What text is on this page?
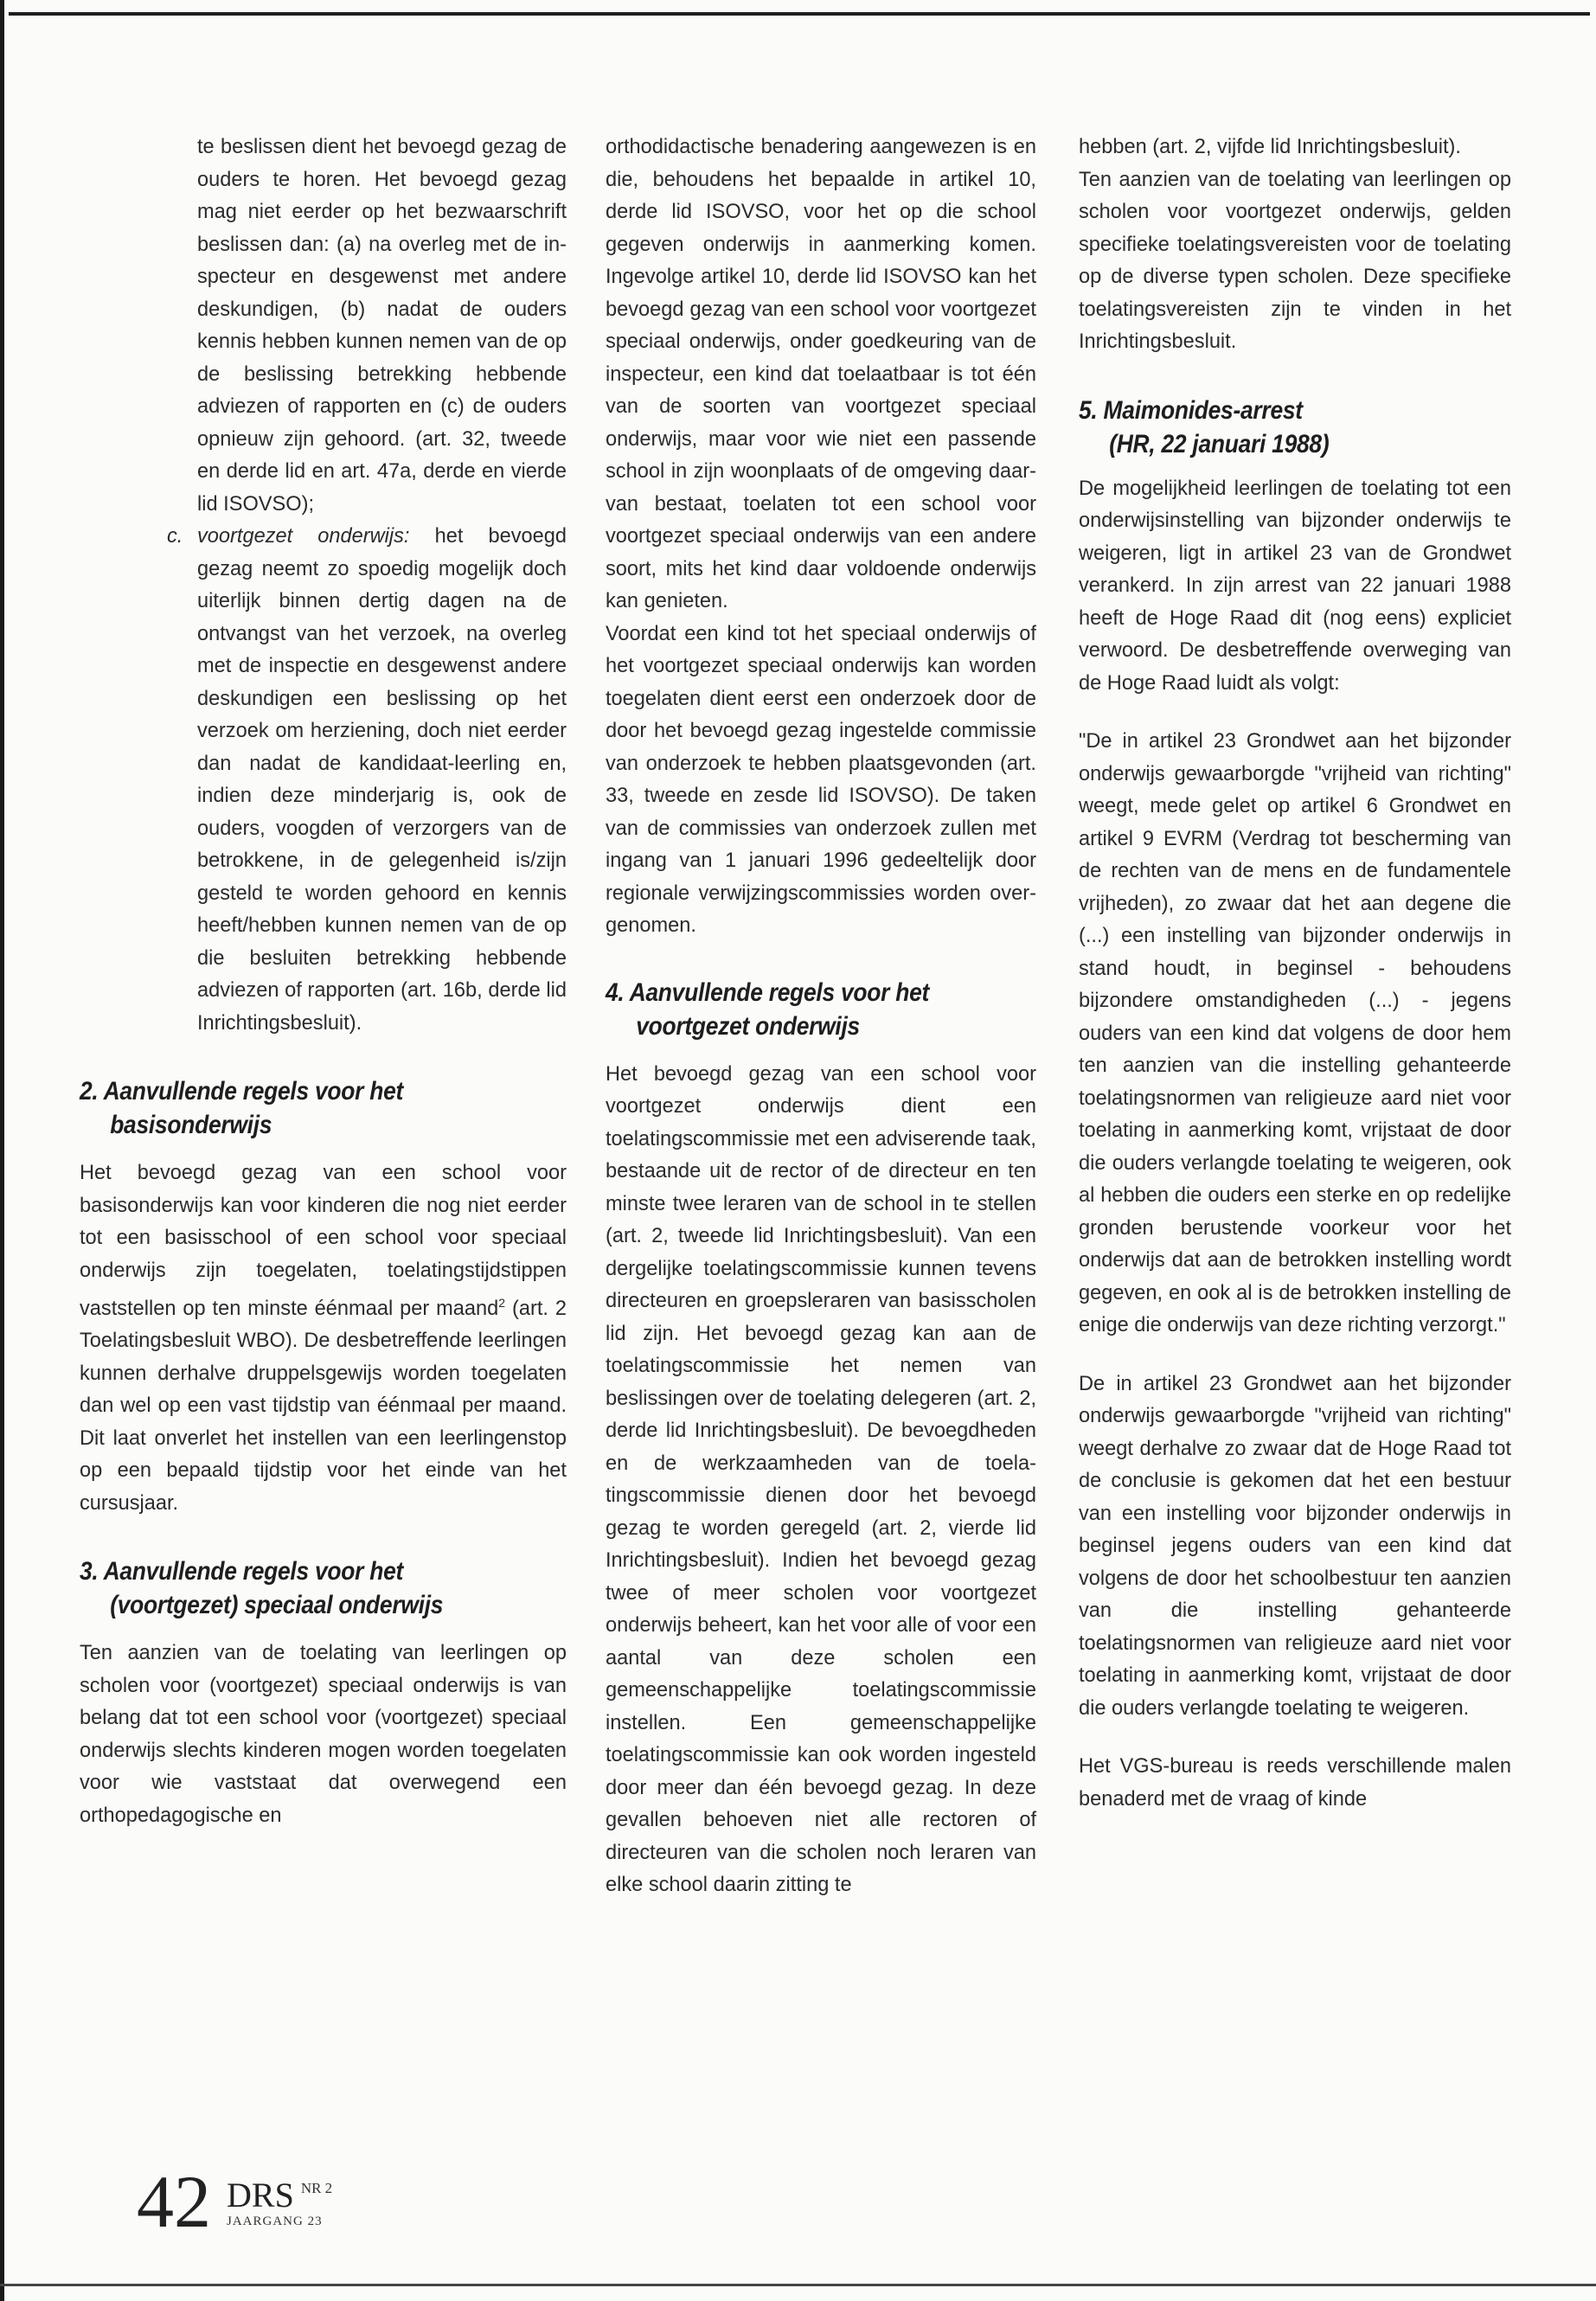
te beslissen dient het bevoegd gezag de ouders te horen. Het bevoegd gezag mag niet eerder op het bezwaarschrift beslissen dan: (a) na overleg met de inspecteur en desgewenst met andere deskundigen, (b) nadat de ouders kennis hebben kunnen nemen van de op de beslissing betrekking hebbende adviezen of rapporten en (c) de ouders opnieuw zijn gehoord. (art. 32, tweede en derde lid en art. 47a, derde en vierde lid ISOVSO);

c. voortgezet onderwijs: het bevoegd gezag neemt zo spoedig mogelijk doch uiterlijk binnen dertig dagen na de ontvangst van het verzoek, na overleg met de inspectie en desgewenst andere deskundigen een beslissing op het verzoek om herziening, doch niet eerder dan nadat de kandidaat-leerling en, indien deze minderjarig is, ook de ouders, voogden of verzorgers van de betrokkene, in de gelegenheid is/zijn gesteld te worden gehoord en kennis heeft/hebben kunnen nemen van de op die besluiten betrekking hebbende adviezen of rapporten (art. 16b, derde lid Inrichtingsbesluit).

2. Aanvullende regels voor het
basisonderwijs

Het bevoegd gezag van een school voor basisonderwijs kan voor kinderen die nog niet eerder tot een basisschool of een school voor speciaal onderwijs zijn toegelaten, toelatingstijdstippen vaststellen op ten minste éénmaal per maand$^2$ (art. 2 Toelatingsbesluit WBO). De desbetreffende leerlingen kunnen derhalve druppelsgewijs worden toegelaten dan wel op een vast tijdstip van éénmaal per maand. Dit laat onverlet het instellen van een leerlingenstop op een bepaald tijdstip voor het einde van het cursusjaar.

3. Aanvullende regels voor het
(voortgezet) speciaal onderwijs

Ten aanzien van de toelating van leerlingen op scholen voor (voortgezet) speciaal onderwijs is van belang dat tot een school voor (voortgezet) speciaal onderwijs slechts kinderen mogen worden toegelaten voor wie vaststaat dat overwegend een orthopedagogische en

orthodidactische benadering aangewezen is en die, behoudens het bepaalde in artikel 10, derde lid ISOVSO, voor het op die school gegeven onderwijs in aanmerking komen. Ingevolge artikel 10, derde lid ISOVSO kan het bevoegd gezag van een school voor voortgezet speciaal onderwijs, onder goedkeuring van de inspecteur, een kind dat toelaatbaar is tot één van de soorten van voortgezet speciaal onderwijs, maar voor wie niet een passende school in zijn woonplaats of de omgeving daarvan bestaat, toelaten tot een school voor voortgezet speciaal onderwijs van een andere soort, mits het kind daar voldoende onderwijs kan genieten.

Voordat een kind tot het speciaal onderwijs of het voortgezet speciaal onderwijs kan worden toegelaten dient eerst een onderzoek door de door het bevoegd gezag ingestelde commissie van onderzoek te hebben plaatsgevonden (art. 33, tweede en zesde lid ISOVSO). De taken van de commissies van onderzoek zullen met ingang van 1 januari 1996 gedeeltelijk door regionale verwijzingscommissies worden overgenomen.

4. Aanvullende regels voor het
voortgezet onderwijs

Het bevoegd gezag van een school voor voortgezet onderwijs dient een toelatingscommissie met een adviserende taak, bestaande uit de rector of de directeur en ten minste twee leraren van de school in te stellen (art. 2, tweede lid Inrichtingsbesluit). Van een dergelijke toelatingscommissie kunnen tevens directeuren en groepsleraren van basisscholen lid zijn. Het bevoegd gezag kan aan de toelatingscommissie het nemen van beslissingen over de toelating delegeren (art. 2, derde lid Inrichtingsbesluit). De bevoegdheden en de werkzaamheden van de toelatingscommissie dienen door het bevoegd gezag te worden geregeld (art. 2, vierde lid Inrichtingsbesluit). Indien het bevoegd gezag twee of meer scholen voor voortgezet onderwijs beheert, kan het voor alle of voor een aantal van deze scholen een gemeenschappelijke toelatingscommissie instellen. Een gemeenschappelijke toelatingscommissie kan ook worden ingesteld door meer dan één bevoegd gezag. In deze gevallen behoeven niet alle rectoren of directeuren van die scholen noch leraren van elke school daarin zitting te

hebben (art. 2, vijfde lid Inrichtingsbesluit).

Ten aanzien van de toelating van leerlingen op scholen voor voortgezet onderwijs, gelden specifieke toelatingsvereisten voor de toelating op de diverse typen scholen. Deze specifieke toelatingsvereisten zijn te vinden in het Inrichtingsbesluit.

5. Maimonides-arrest
(HR, 22 januari 1988)

De mogelijkheid leerlingen de toelating tot een onderwijsinstelling van bijzonder onderwijs te weigeren, ligt in artikel 23 van de Grondwet verankerd. In zijn arrest van 22 januari 1988 heeft de Hoge Raad dit (nog eens) expliciet verwoord. De desbetreffende overweging van de Hoge Raad luidt als volgt:

"De in artikel 23 Grondwet aan het bijzonder onderwijs gewaarborgde "vrijheid van richting" weegt, mede gelet op artikel 6 Grondwet en artikel 9 EVRM (Verdrag tot bescherming van de rechten van de mens en de fundamentele vrijheden), zo zwaar dat het aan degene die (...) een instelling van bijzonder onderwijs in stand houdt, in beginsel - behoudens bijzondere omstandigheden (...) - jegens ouders van een kind dat volgens de door hem ten aanzien van die instelling gehanteerde toelatingsnormen van religieuze aard niet voor toelating in aanmerking komt, vrijstaat de door die ouders verlangde toelating te weigeren, ook al hebben die ouders een sterke en op redelijke gronden berustende voorkeur voor het onderwijs dat aan de betrokken instelling wordt gegeven, en ook al is de betrokken instelling de enige die onderwijs van deze richting verzorgt."

De in artikel 23 Grondwet aan het bijzonder onderwijs gewaarborgde "vrijheid van richting" weegt derhalve zo zwaar dat de Hoge Raad tot de conclusie is gekomen dat het een bestuur van een instelling voor bijzonder onderwijs in beginsel jegens ouders van een kind dat volgens de door het schoolbestuur ten aanzien van die instelling gehanteerde toelatingsnormen van religieuze aard niet voor toelating in aanmerking komt, vrijstaat de door die ouders verlangde toelating te weigeren.

Het VGS-bureau is reeds verschillende malen benaderd met de vraag of kinde

42 DRS NR 2
JAARGANG 23
